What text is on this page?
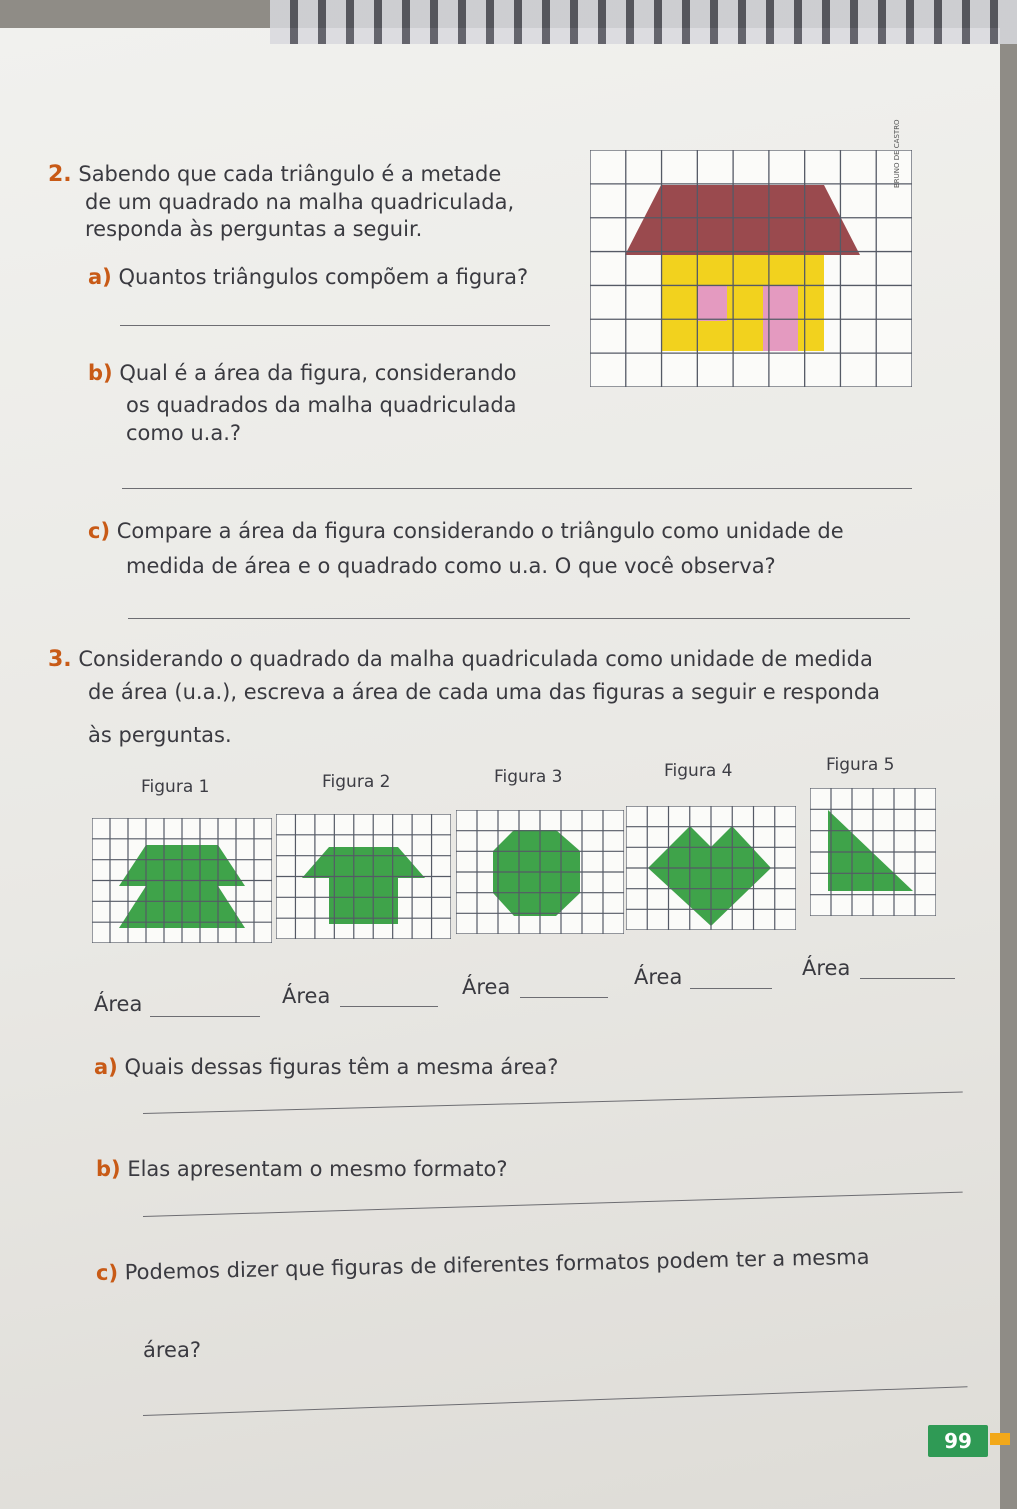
2. Sabendo que cada triângulo é a metade
de um quadrado na malha quadriculada,
responda às perguntas a seguir.
a) Quantos triângulos compõem a figura?
b) Qual é a área da figura, considerando
os quadrados da malha quadriculada
como u.a.?
c) Compare a área da figura considerando o triângulo como unidade de
medida de área e o quadrado como u.a. O que você observa?
BRUNO DE CASTRO
3. Considerando o quadrado da malha quadriculada como unidade de medida
de área (u.a.), escreva a área de cada uma das figuras a seguir e responda
às perguntas.
Figura 1	Figura 2	Figura 3	Figura 4	Figura 5
Área	Área	Área	Área	Área
a) Quais dessas figuras têm a mesma área?
b) Elas apresentam o mesmo formato?
c) Podemos dizer que figuras de diferentes formatos podem ter a mesma
área?
99
